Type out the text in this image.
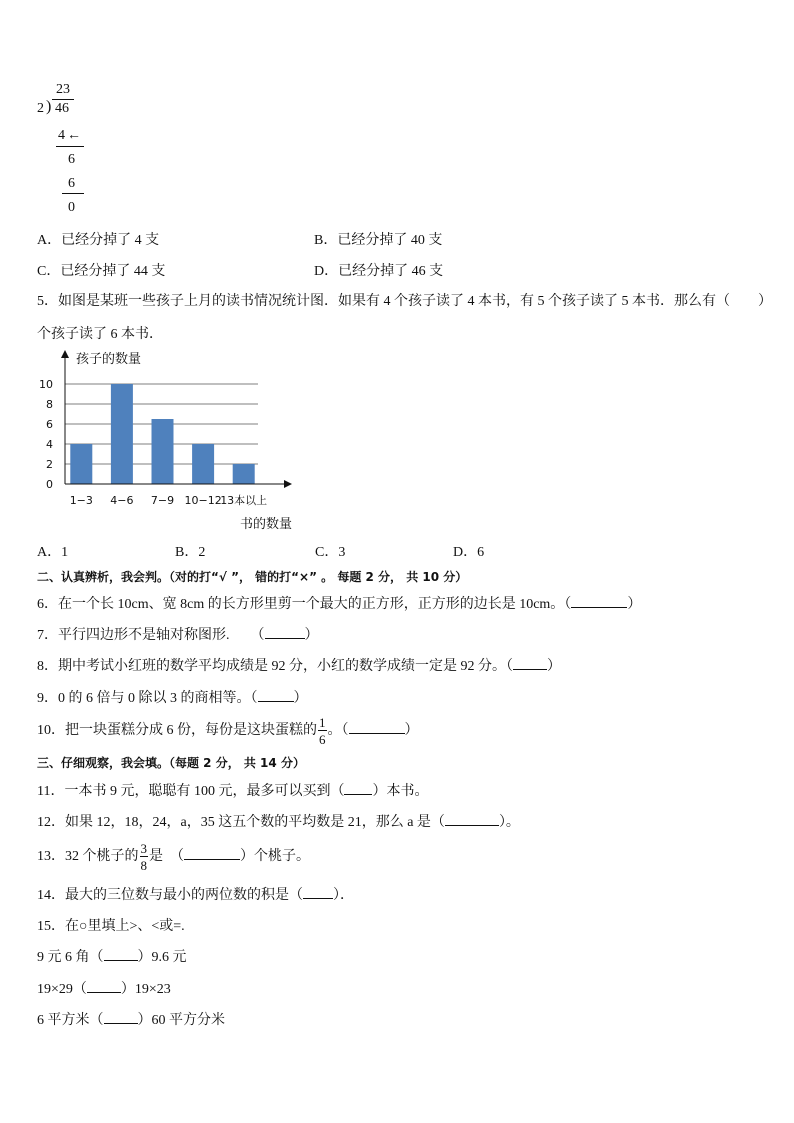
23
2 ) 46
4 ←
6
6
0
A．已经分掉了 4 支	B．已经分掉了 40 支
C．已经分掉了 44 支	D．已经分掉了 46 支
5．如图是某班一些孩子上月的读书情况统计图．如果有 4 个孩子读了 4 本书，有 5 个孩子读了 5 本书．那么有（　　）
个孩子读了 6 本书．
0
2
4
6
8
10
1−3 4−6 7−9 10−12
13本以上
孩子的数量
书的数量
A．1	B．2	C．3	D．6
二、认真辨析，我会判。（对的打“√ ”， 错的打“×” 。 每题 2 分， 共 10 分）
6．在一个长 10cm、宽 8cm 的长方形里剪一个最大的正方形，正方形的边长是 10cm。（	）
7．平行四边形不是轴对称图形.　　（	）
8．期中考试小红班的数学平均成绩是 92 分，小红的数学成绩一定是 92 分。（ ）
9．0 的 6 倍与 0 除以 3 的商相等。（	）
10．把一块蛋糕分成 6 份，每份是这块蛋糕的 $\frac{1}{6}$ 。（	）
三、仔细观察，我会填。（每题 2 分， 共 14 分）
11．一本书 9 元，聪聪有 100 元，最多可以买到（ ）本书。
12．如果 12，18，24，a，35 这五个数的平均数是 21，那么 a 是（	）。
13．32 个桃子的 $\frac{3}{8}$ 是　（	）个桃子。
14．最大的三位数与最小的两位数的积是（ ）．
15．在○里填上>、<或=.
9 元 6 角（ ）9.6 元
19×29（ ）19×23
6 平方米（ ）60 平方分米
